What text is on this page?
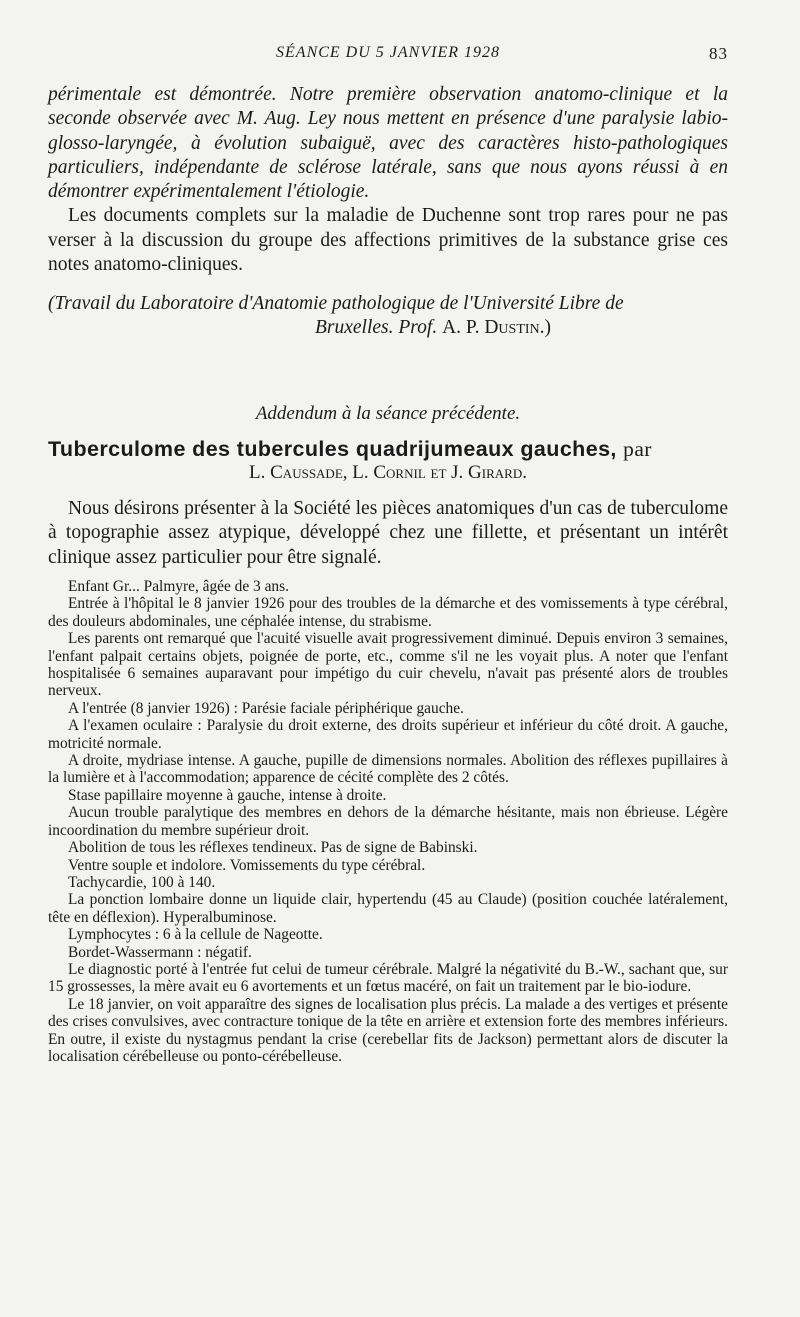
SÉANCE DU 5 JANVIER 1928	83

périmentale est démontrée. Notre première observation anatomo-clinique et la seconde observée avec M. Aug. Ley nous mettent en présence d'une paralysie labio-glosso-laryngée, à évolution subaiguë, avec des caractères histo-pathologiques particuliers, indépendante de sclérose latérale, sans que nous ayons réussi à en démontrer expérimentalement l'étiologie.

Les documents complets sur la maladie de Duchenne sont trop rares pour ne pas verser à la discussion du groupe des affections primitives de la substance grise ces notes anatomo-cliniques.

(Travail du Laboratoire d'Anatomie pathologique de l'Université Libre de

Bruxelles. Prof. A. P. Dustin.)

Addendum à la séance précédente.
Tuberculome des tubercules quadrijumeaux gauches, par
L. Caussade, L. Cornil et J. Girard.

Nous désirons présenter à la Société les pièces anatomiques d'un cas de tuberculome à topographie assez atypique, développé chez une fillette, et présentant un intérêt clinique assez particulier pour être signalé.

Enfant Gr... Palmyre, âgée de 3 ans.

Entrée à l'hôpital le 8 janvier 1926 pour des troubles de la démarche et des vomissements à type cérébral, des douleurs abdominales, une céphalée intense, du strabisme.

Les parents ont remarqué que l'acuité visuelle avait progressivement diminué. Depuis environ 3 semaines, l'enfant palpait certains objets, poignée de porte, etc., comme s'il ne les voyait plus. A noter que l'enfant hospitalisée 6 semaines auparavant pour impétigo du cuir chevelu, n'avait pas présenté alors de troubles nerveux.

A l'entrée (8 janvier 1926) : Parésie faciale périphérique gauche.

A l'examen oculaire : Paralysie du droit externe, des droits supérieur et inférieur du côté droit. A gauche, motricité normale.

A droite, mydriase intense. A gauche, pupille de dimensions normales. Abolition des réflexes pupillaires à la lumière et à l'accommodation; apparence de cécité complète des 2 côtés.

Stase papillaire moyenne à gauche, intense à droite.

Aucun trouble paralytique des membres en dehors de la démarche hésitante, mais non ébrieuse. Légère incoordination du membre supérieur droit.

Abolition de tous les réflexes tendineux. Pas de signe de Babinski.

Ventre souple et indolore. Vomissements du type cérébral.

Tachycardie, 100 à 140.

La ponction lombaire donne un liquide clair, hypertendu (45 au Claude) (position couchée latéralement, tête en déflexion). Hyperalbuminose.

Lymphocytes : 6 à la cellule de Nageotte.

Bordet-Wassermann : négatif.

Le diagnostic porté à l'entrée fut celui de tumeur cérébrale. Malgré la négativité du B.-W., sachant que, sur 15 grossesses, la mère avait eu 6 avortements et un fœtus macéré, on fait un traitement par le bio-iodure.

Le 18 janvier, on voit apparaître des signes de localisation plus précis. La malade a des vertiges et présente des crises convulsives, avec contracture tonique de la tête en arrière et extension forte des membres inférieurs. En outre, il existe du nystagmus pendant la crise (cerebellar fits de Jackson) permettant alors de discuter la localisation cérébelleuse ou ponto-cérébelleuse.
